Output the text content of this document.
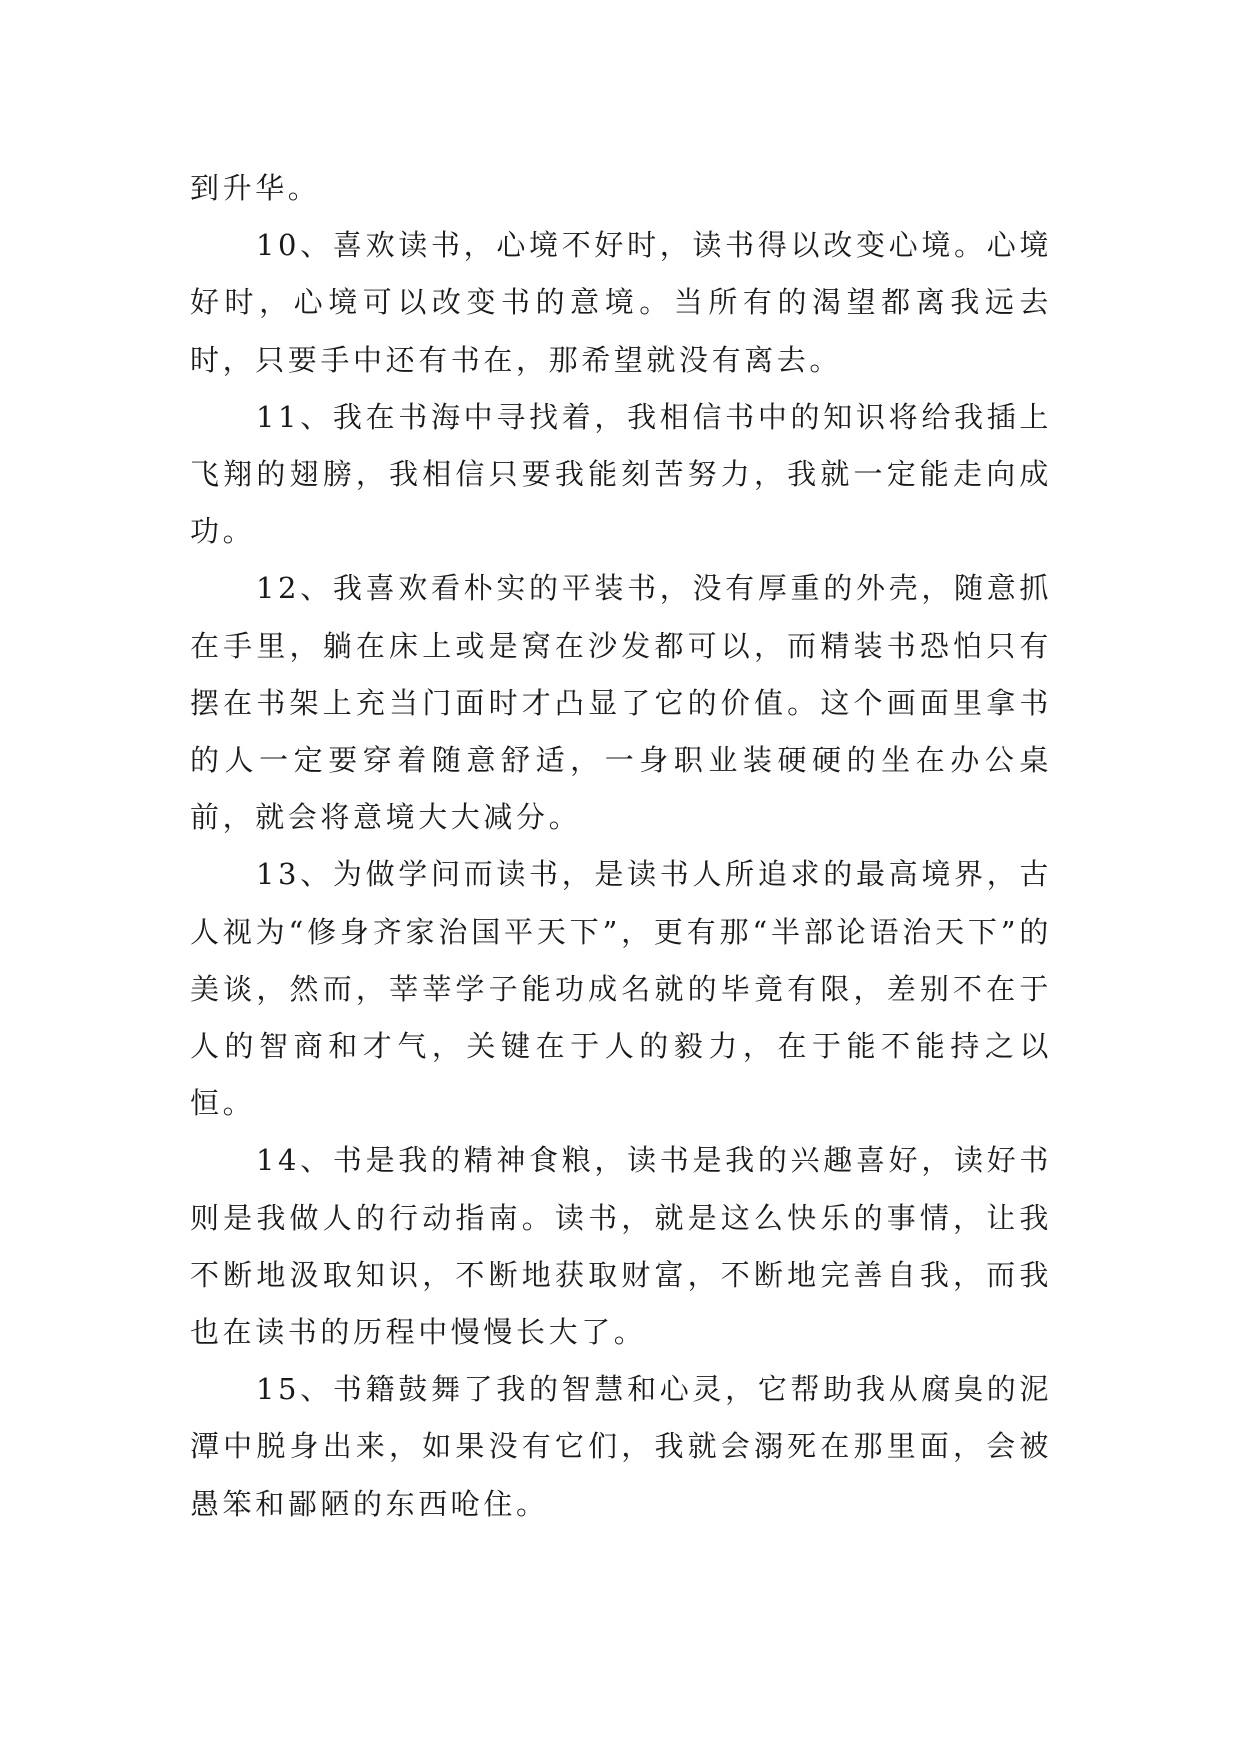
到升华。

10、喜欢读书，心境不好时，读书得以改变心境。心境好时，心境可以改变书的意境。当所有的渴望都离我远去时，只要手中还有书在，那希望就没有离去。

11、我在书海中寻找着，我相信书中的知识将给我插上飞翔的翅膀，我相信只要我能刻苦努力，我就一定能走向成功。

12、我喜欢看朴实的平装书，没有厚重的外壳，随意抓在手里，躺在床上或是窝在沙发都可以，而精装书恐怕只有摆在书架上充当门面时才凸显了它的价值。这个画面里拿书的人一定要穿着随意舒适，一身职业装硬硬的坐在办公桌前，就会将意境大大减分。

13、为做学问而读书，是读书人所追求的最高境界，古人视为“修身齐家治国平天下”，更有那“半部论语治天下”的美谈，然而，莘莘学子能功成名就的毕竟有限，差别不在于人的智商和才气，关键在于人的毅力，在于能不能持之以恒。

14、书是我的精神食粮，读书是我的兴趣喜好，读好书则是我做人的行动指南。读书，就是这么快乐的事情，让我不断地汲取知识，不断地获取财富，不断地完善自我，而我也在读书的历程中慢慢长大了。

15、书籍鼓舞了我的智慧和心灵，它帮助我从腐臭的泥潭中脱身出来，如果没有它们，我就会溺死在那里面，会被愚笨和鄙陋的东西呛住。
